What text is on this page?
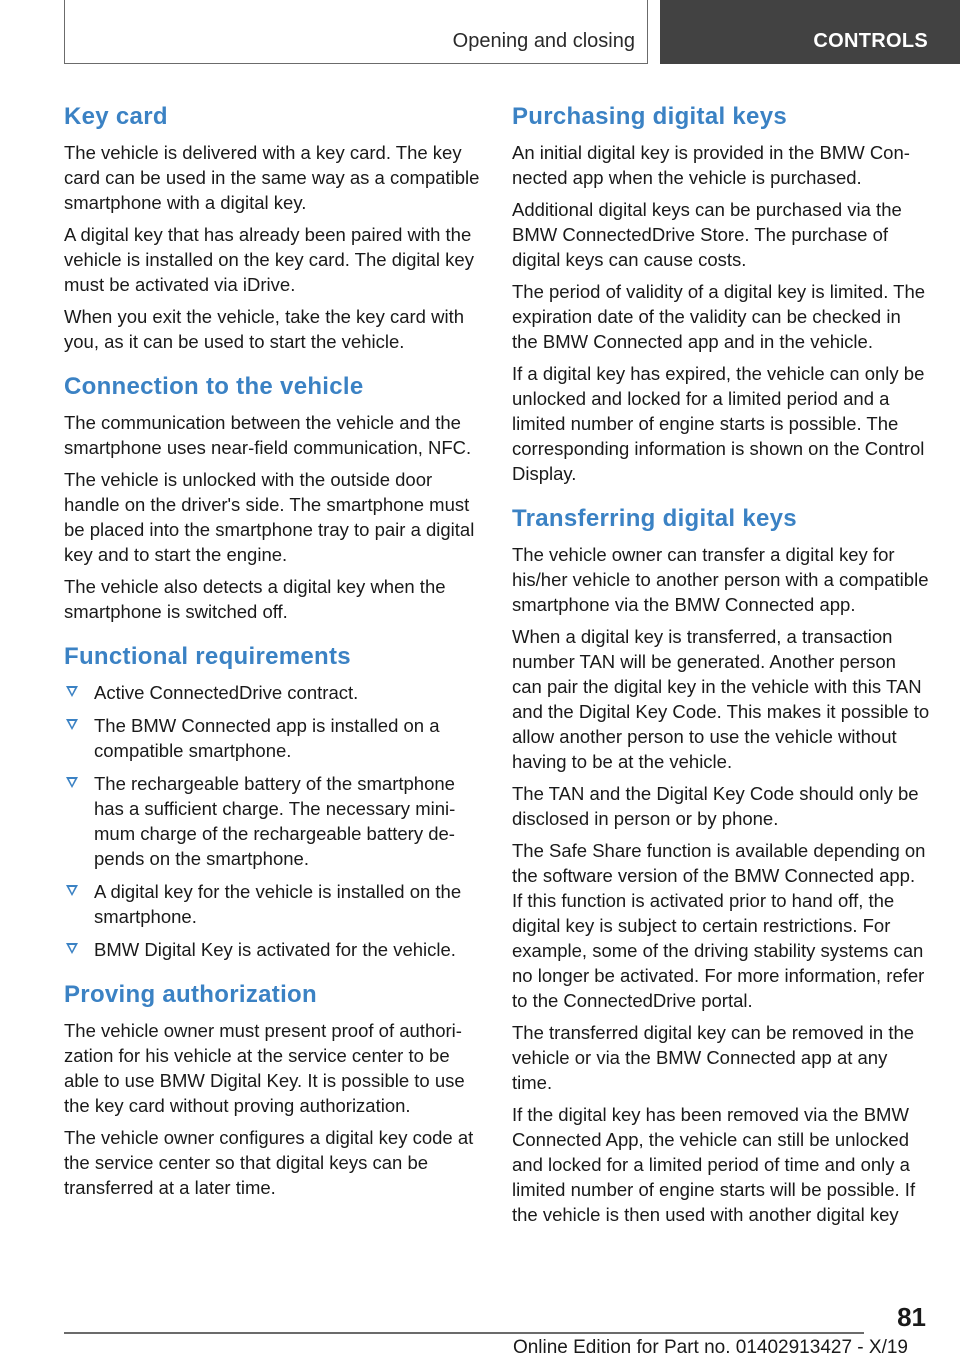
Opening and closing	CONTROLS
Key card

The vehicle is delivered with a key card. The key card can be used in the same way as a compatible smartphone with a digital key.

A digital key that has already been paired with the vehicle is installed on the key card. The digital key must be activated via iDrive.

When you exit the vehicle, take the key card with you, as it can be used to start the vehicle.

Connection to the vehicle

The communication between the vehicle and the smartphone uses near-field communication, NFC.

The vehicle is unlocked with the outside door handle on the driver's side. The smartphone must be placed into the smartphone tray to pair a digital key and to start the engine.

The vehicle also detects a digital key when the smartphone is switched off.

Functional requirements
Active ConnectedDrive contract.
The BMW Connected app is installed on a compatible smartphone.
The rechargeable battery of the smartphone has a sufficient charge. The necessary minimum charge of the rechargeable battery depends on the smartphone.
A digital key for the vehicle is installed on the smartphone.
BMW Digital Key is activated for the vehicle.
Proving authorization

The vehicle owner must present proof of authorization for his vehicle at the service center to be able to use BMW Digital Key. It is possible to use the key card without proving authorization.

The vehicle owner configures a digital key code at the service center so that digital keys can be transferred at a later time.

Purchasing digital keys

An initial digital key is provided in the BMW Connected app when the vehicle is purchased.

Additional digital keys can be purchased via the BMW ConnectedDrive Store. The purchase of digital keys can cause costs.

The period of validity of a digital key is limited. The expiration date of the validity can be checked in the BMW Connected app and in the vehicle.

If a digital key has expired, the vehicle can only be unlocked and locked for a limited period and a limited number of engine starts is possible. The corresponding information is shown on the Control Display.

Transferring digital keys

The vehicle owner can transfer a digital key for his/her vehicle to another person with a compatible smartphone via the BMW Connected app.

When a digital key is transferred, a transaction number TAN will be generated. Another person can pair the digital key in the vehicle with this TAN and the Digital Key Code. This makes it possible to allow another person to use the vehicle without having to be at the vehicle.

The TAN and the Digital Key Code should only be disclosed in person or by phone.

The Safe Share function is available depending on the software version of the BMW Connected app. If this function is activated prior to hand off, the digital key is subject to certain restrictions. For example, some of the driving stability systems can no longer be activated. For more information, refer to the ConnectedDrive portal.

The transferred digital key can be removed in the vehicle or via the BMW Connected app at any time.

If the digital key has been removed via the BMW Connected App, the vehicle can still be unlocked and locked for a limited period of time and only a limited number of engine starts will be possible. If the vehicle is then used with another digital key

81
Online Edition for Part no. 01402913427 - X/19
